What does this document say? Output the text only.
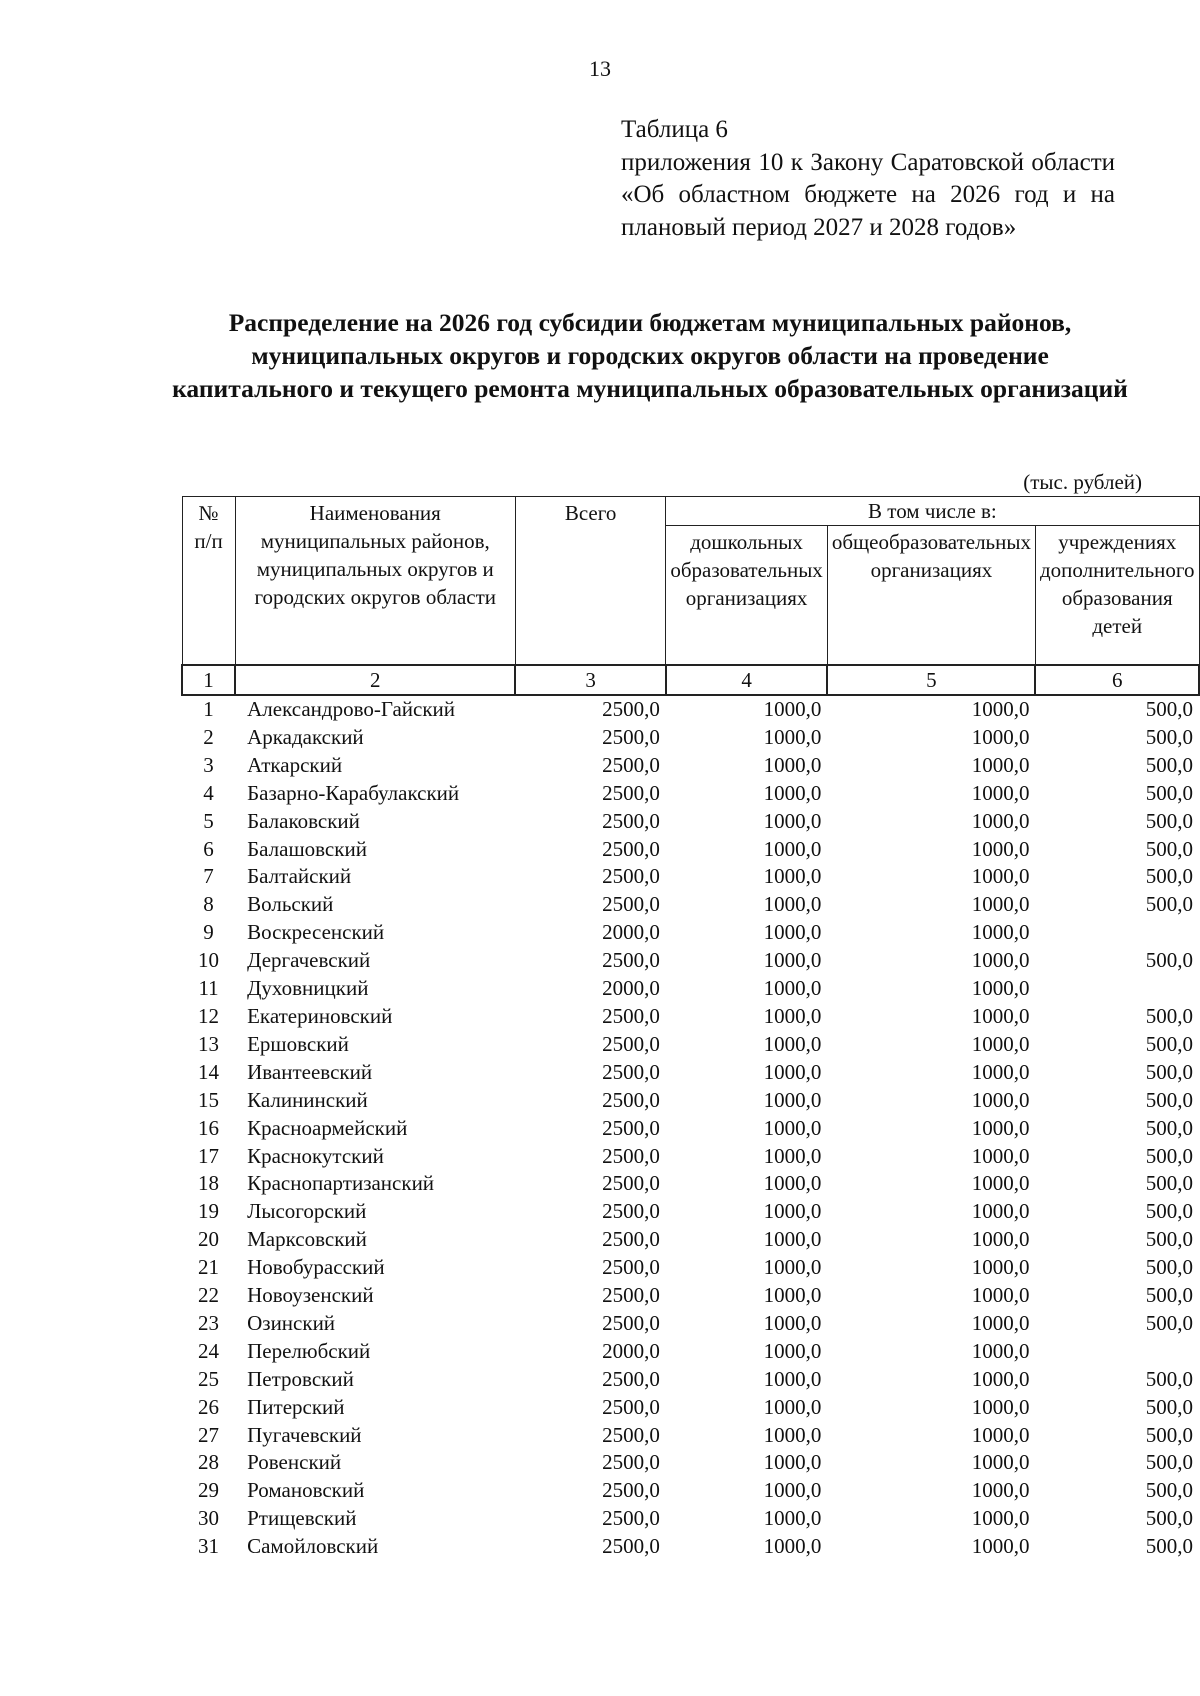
13
Таблица 6
приложения 10 к Закону Саратовской области «Об областном бюджете на 2026 год и на плановый период 2027 и 2028 годов»
Распределение на 2026 год субсидии бюджетам муниципальных районов, муниципальных округов и городских округов области на проведение капитального и текущего ремонта муниципальных образовательных организаций
(тыс. рублей)
№ п/п	Наименования муниципальных районов, муниципальных округов и городских округов области	Всего	В том числе в:		
			дошкольных образовательных организациях	общеобразовательных организациях	учреждениях дополнительного образования детей
1	2	3	4	5	6
1	Александрово-Гайский	2500,0	1000,0	1000,0	500,0
2	Аркадакский	2500,0	1000,0	1000,0	500,0
3	Аткарский	2500,0	1000,0	1000,0	500,0
4	Базарно-Карабулакский	2500,0	1000,0	1000,0	500,0
5	Балаковский	2500,0	1000,0	1000,0	500,0
6	Балашовский	2500,0	1000,0	1000,0	500,0
7	Балтайский	2500,0	1000,0	1000,0	500,0
8	Вольский	2500,0	1000,0	1000,0	500,0
9	Воскресенский	2000,0	1000,0	1000,0	
10	Дергачевский	2500,0	1000,0	1000,0	500,0
11	Духовницкий	2000,0	1000,0	1000,0	
12	Екатериновский	2500,0	1000,0	1000,0	500,0
13	Ершовский	2500,0	1000,0	1000,0	500,0
14	Ивантеевский	2500,0	1000,0	1000,0	500,0
15	Калининский	2500,0	1000,0	1000,0	500,0
16	Красноармейский	2500,0	1000,0	1000,0	500,0
17	Краснокутский	2500,0	1000,0	1000,0	500,0
18	Краснопартизанский	2500,0	1000,0	1000,0	500,0
19	Лысогорский	2500,0	1000,0	1000,0	500,0
20	Марксовский	2500,0	1000,0	1000,0	500,0
21	Новобурасский	2500,0	1000,0	1000,0	500,0
22	Новоузенский	2500,0	1000,0	1000,0	500,0
23	Озинский	2500,0	1000,0	1000,0	500,0
24	Перелюбский	2000,0	1000,0	1000,0	
25	Петровский	2500,0	1000,0	1000,0	500,0
26	Питерский	2500,0	1000,0	1000,0	500,0
27	Пугачевский	2500,0	1000,0	1000,0	500,0
28	Ровенский	2500,0	1000,0	1000,0	500,0
29	Романовский	2500,0	1000,0	1000,0	500,0
30	Ртищевский	2500,0	1000,0	1000,0	500,0
31	Самойловский	2500,0	1000,0	1000,0	500,0
